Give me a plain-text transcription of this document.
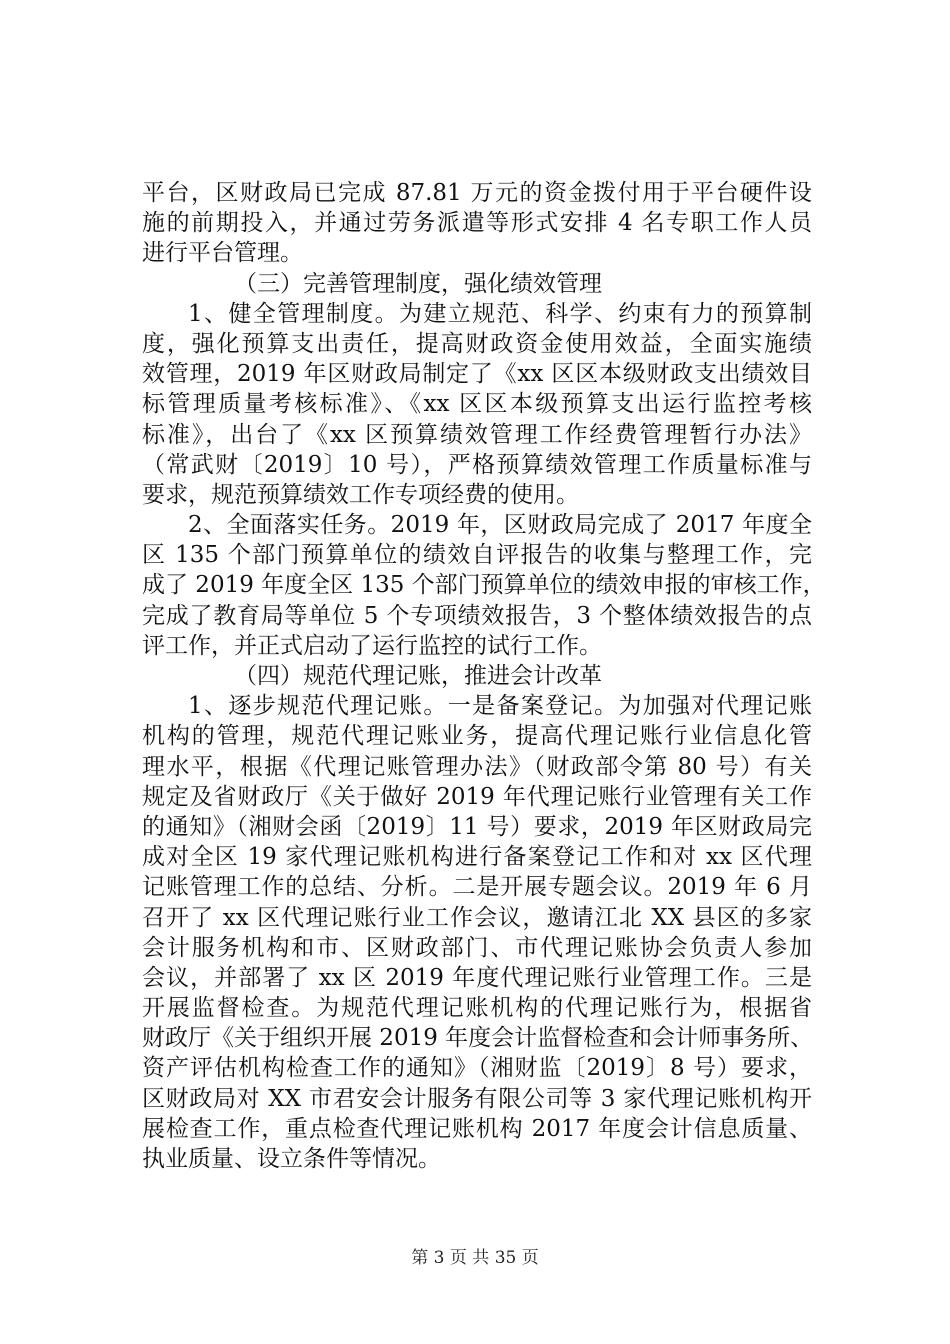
平台，区财政局已完成 87.81 万元的资金拨付用于平台硬件设
施的前期投入，并通过劳务派遣等形式安排 4 名专职工作人员
进行平台管理。
（三）完善管理制度，强化绩效管理
1、健全管理制度。为建立规范、科学、约束有力的预算制
度，强化预算支出责任，提高财政资金使用效益，全面实施绩
效管理，2019 年区财政局制定了《xx 区区本级财政支出绩效目
标管理质量考核标准》、《xx 区区本级预算支出运行监控考核
标准》，出台了《xx 区预算绩效管理工作经费管理暂行办法》
（常武财〔2019〕10 号），严格预算绩效管理工作质量标准与
要求，规范预算绩效工作专项经费的使用。
2、全面落实任务。2019 年，区财政局完成了 2017 年度全
区 135 个部门预算单位的绩效自评报告的收集与整理工作，完
成了 2019 年度全区 135 个部门预算单位的绩效申报的审核工作，
完成了教育局等单位 5 个专项绩效报告，3 个整体绩效报告的点
评工作，并正式启动了运行监控的试行工作。
（四）规范代理记账，推进会计改革
1、逐步规范代理记账。一是备案登记。为加强对代理记账
机构的管理，规范代理记账业务，提高代理记账行业信息化管
理水平，根据《代理记账管理办法》（财政部令第 80 号）有关
规定及省财政厅《关于做好 2019 年代理记账行业管理有关工作
的通知》（湘财会函〔2019〕11 号）要求，2019 年区财政局完
成对全区 19 家代理记账机构进行备案登记工作和对 xx 区代理
记账管理工作的总结、分析。二是开展专题会议。2019 年 6 月
召开了 xx 区代理记账行业工作会议，邀请江北 XX 县区的多家
会计服务机构和市、区财政部门、市代理记账协会负责人参加
会议，并部署了 xx 区 2019 年度代理记账行业管理工作。三是
开展监督检查。为规范代理记账机构的代理记账行为，根据省
财政厅《关于组织开展 2019 年度会计监督检查和会计师事务所、
资产评估机构检查工作的通知》（湘财监〔2019〕8 号）要求，
区财政局对 XX 市君安会计服务有限公司等 3 家代理记账机构开
展检查工作，重点检查代理记账机构 2017 年度会计信息质量、
执业质量、设立条件等情况。
第 3 页 共 35 页
